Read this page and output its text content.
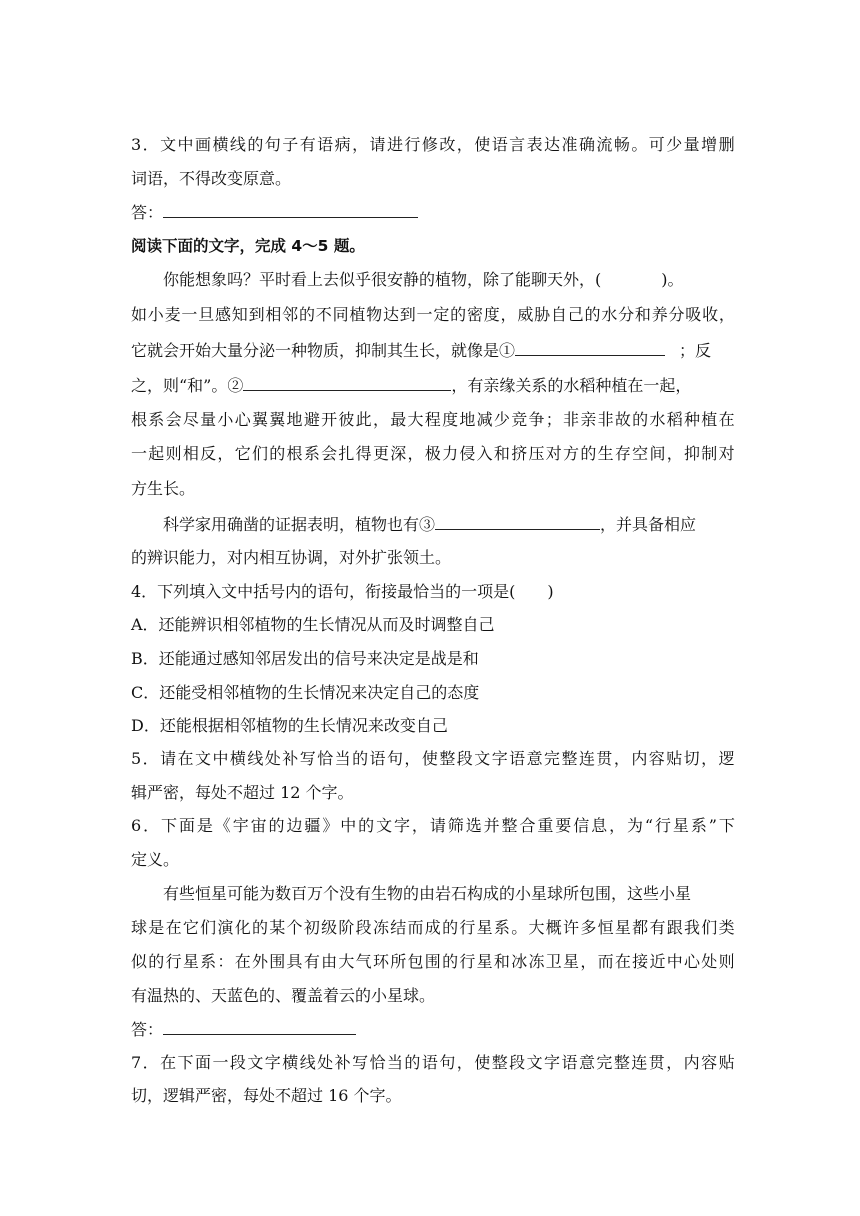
3 ． 文 中 画 横 线 的 句 子 有 语 病 ， 请 进 行 修 改 ， 使 语 言 表 达 准 确 流 畅 。 可 少 量 增 删
词语，不得改变原意。
答：
阅读下面的文字，完成 4～5 题。
你能想象吗？平时看上去似乎很安静的植物，除了能聊天外，(	)。
如 小 麦 一 旦 感 知 到 相 邻 的 不 同 植 物 达 到 一 定 的 密 度 ， 威 胁 自 己 的 水 分 和 养 分 吸 收 ，
它就会开始大量分泌一种物质，抑制其生长，就像是①	；反
之，则“和”。②	，有亲缘关系的水稻种植在一起，
根 系 会 尽 量 小 心 翼 翼 地 避 开 彼 此 ， 最 大 程 度 地 减 少 竞 争 ； 非 亲 非 故 的 水 稻 种 植 在
一 起 则 相 反 ， 它 们 的 根 系 会 扎 得 更 深 ， 极 力 侵 入 和 挤 压 对 方 的 生 存 空 间 ， 抑 制 对
方生长。
科学家用确凿的证据表明，植物也有③	，并具备相应
的辨识能力，对内相互协调，对外扩张领土。
4．下列填入文中括号内的语句，衔接最恰当的一项是(　　)
A．还能辨识相邻植物的生长情况从而及时调整自己
B．还能通过感知邻居发出的信号来决定是战是和
C．还能受相邻植物的生长情况来决定自己的态度
D．还能根据相邻植物的生长情况来改变自己
5 ． 请 在 文 中 横 线 处 补 写 恰 当 的 语 句 ， 使 整 段 文 字 语 意 完 整 连 贯 ， 内 容 贴 切 ， 逻
辑严密，每处不超过 12 个字。
6 ． 下 面 是 《 宇 宙 的 边 疆 》 中 的 文 字 ， 请 筛 选 并 整 合 重 要 信 息 ， 为 “ 行 星 系 ” 下
定义。
有些恒星可能为数百万个没有生物的由岩石构成的小星球所包围，这些小星
球 是 在 它 们 演 化 的 某 个 初 级 阶 段 冻 结 而 成 的 行 星 系 。 大 概 许 多 恒 星 都 有 跟 我 们 类
似 的 行 星 系 ： 在 外 围 具 有 由 大 气 环 所 包 围 的 行 星 和 冰 冻 卫 星 ， 而 在 接 近 中 心 处 则
有温热的、天蓝色的、覆盖着云的小星球。
答：
7 ． 在 下 面 一 段 文 字 横 线 处 补 写 恰 当 的 语 句 ， 使 整 段 文 字 语 意 完 整 连 贯 ， 内 容 贴
切，逻辑严密，每处不超过 16 个字。
